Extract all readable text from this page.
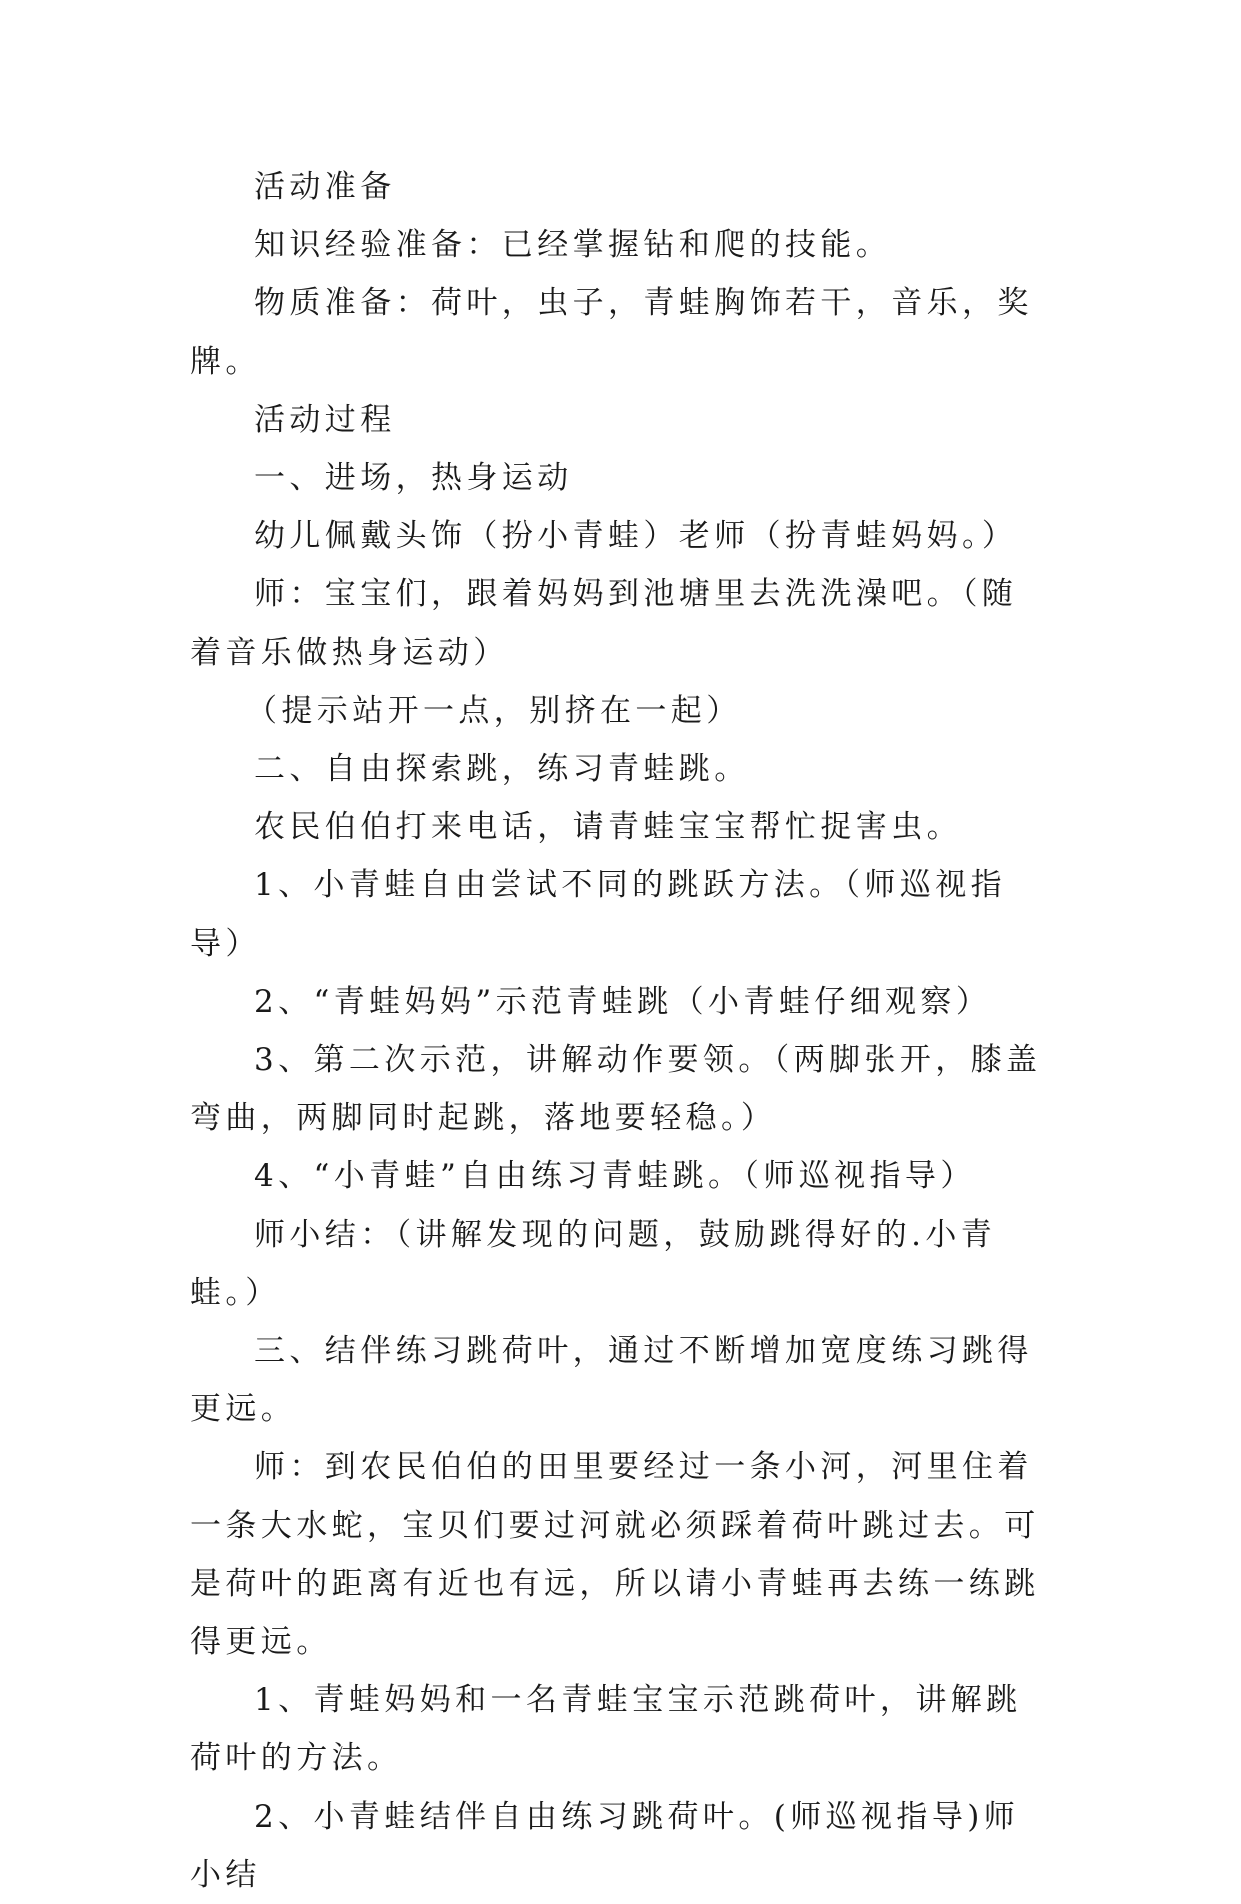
活动准备

知识经验准备：已经掌握钻和爬的技能。

物质准备：荷叶，虫子，青蛙胸饰若干，音乐，奖牌。

活动过程

一、进场，热身运动

幼儿佩戴头饰（扮小青蛙）老师（扮青蛙妈妈。）

师：宝宝们，跟着妈妈到池塘里去洗洗澡吧。（随着音乐做热身运动）

（提示站开一点，别挤在一起）

二、自由探索跳，练习青蛙跳。

农民伯伯打来电话，请青蛙宝宝帮忙捉害虫。

1、小青蛙自由尝试不同的跳跃方法。（师巡视指导）

2、“青蛙妈妈”示范青蛙跳（小青蛙仔细观察）

3、第二次示范，讲解动作要领。（两脚张开，膝盖弯曲，两脚同时起跳，落地要轻稳。）

4、“小青蛙”自由练习青蛙跳。（师巡视指导）

师小结：（讲解发现的问题，鼓励跳得好的.小青蛙。）

三、结伴练习跳荷叶，通过不断增加宽度练习跳得更远。

师：到农民伯伯的田里要经过一条小河，河里住着一条大水蛇，宝贝们要过河就必须踩着荷叶跳过去。可是荷叶的距离有近也有远，所以请小青蛙再去练一练跳得更远。

1、青蛙妈妈和一名青蛙宝宝示范跳荷叶，讲解跳荷叶的方法。

2、小青蛙结伴自由练习跳荷叶。(师巡视指导)师小结
